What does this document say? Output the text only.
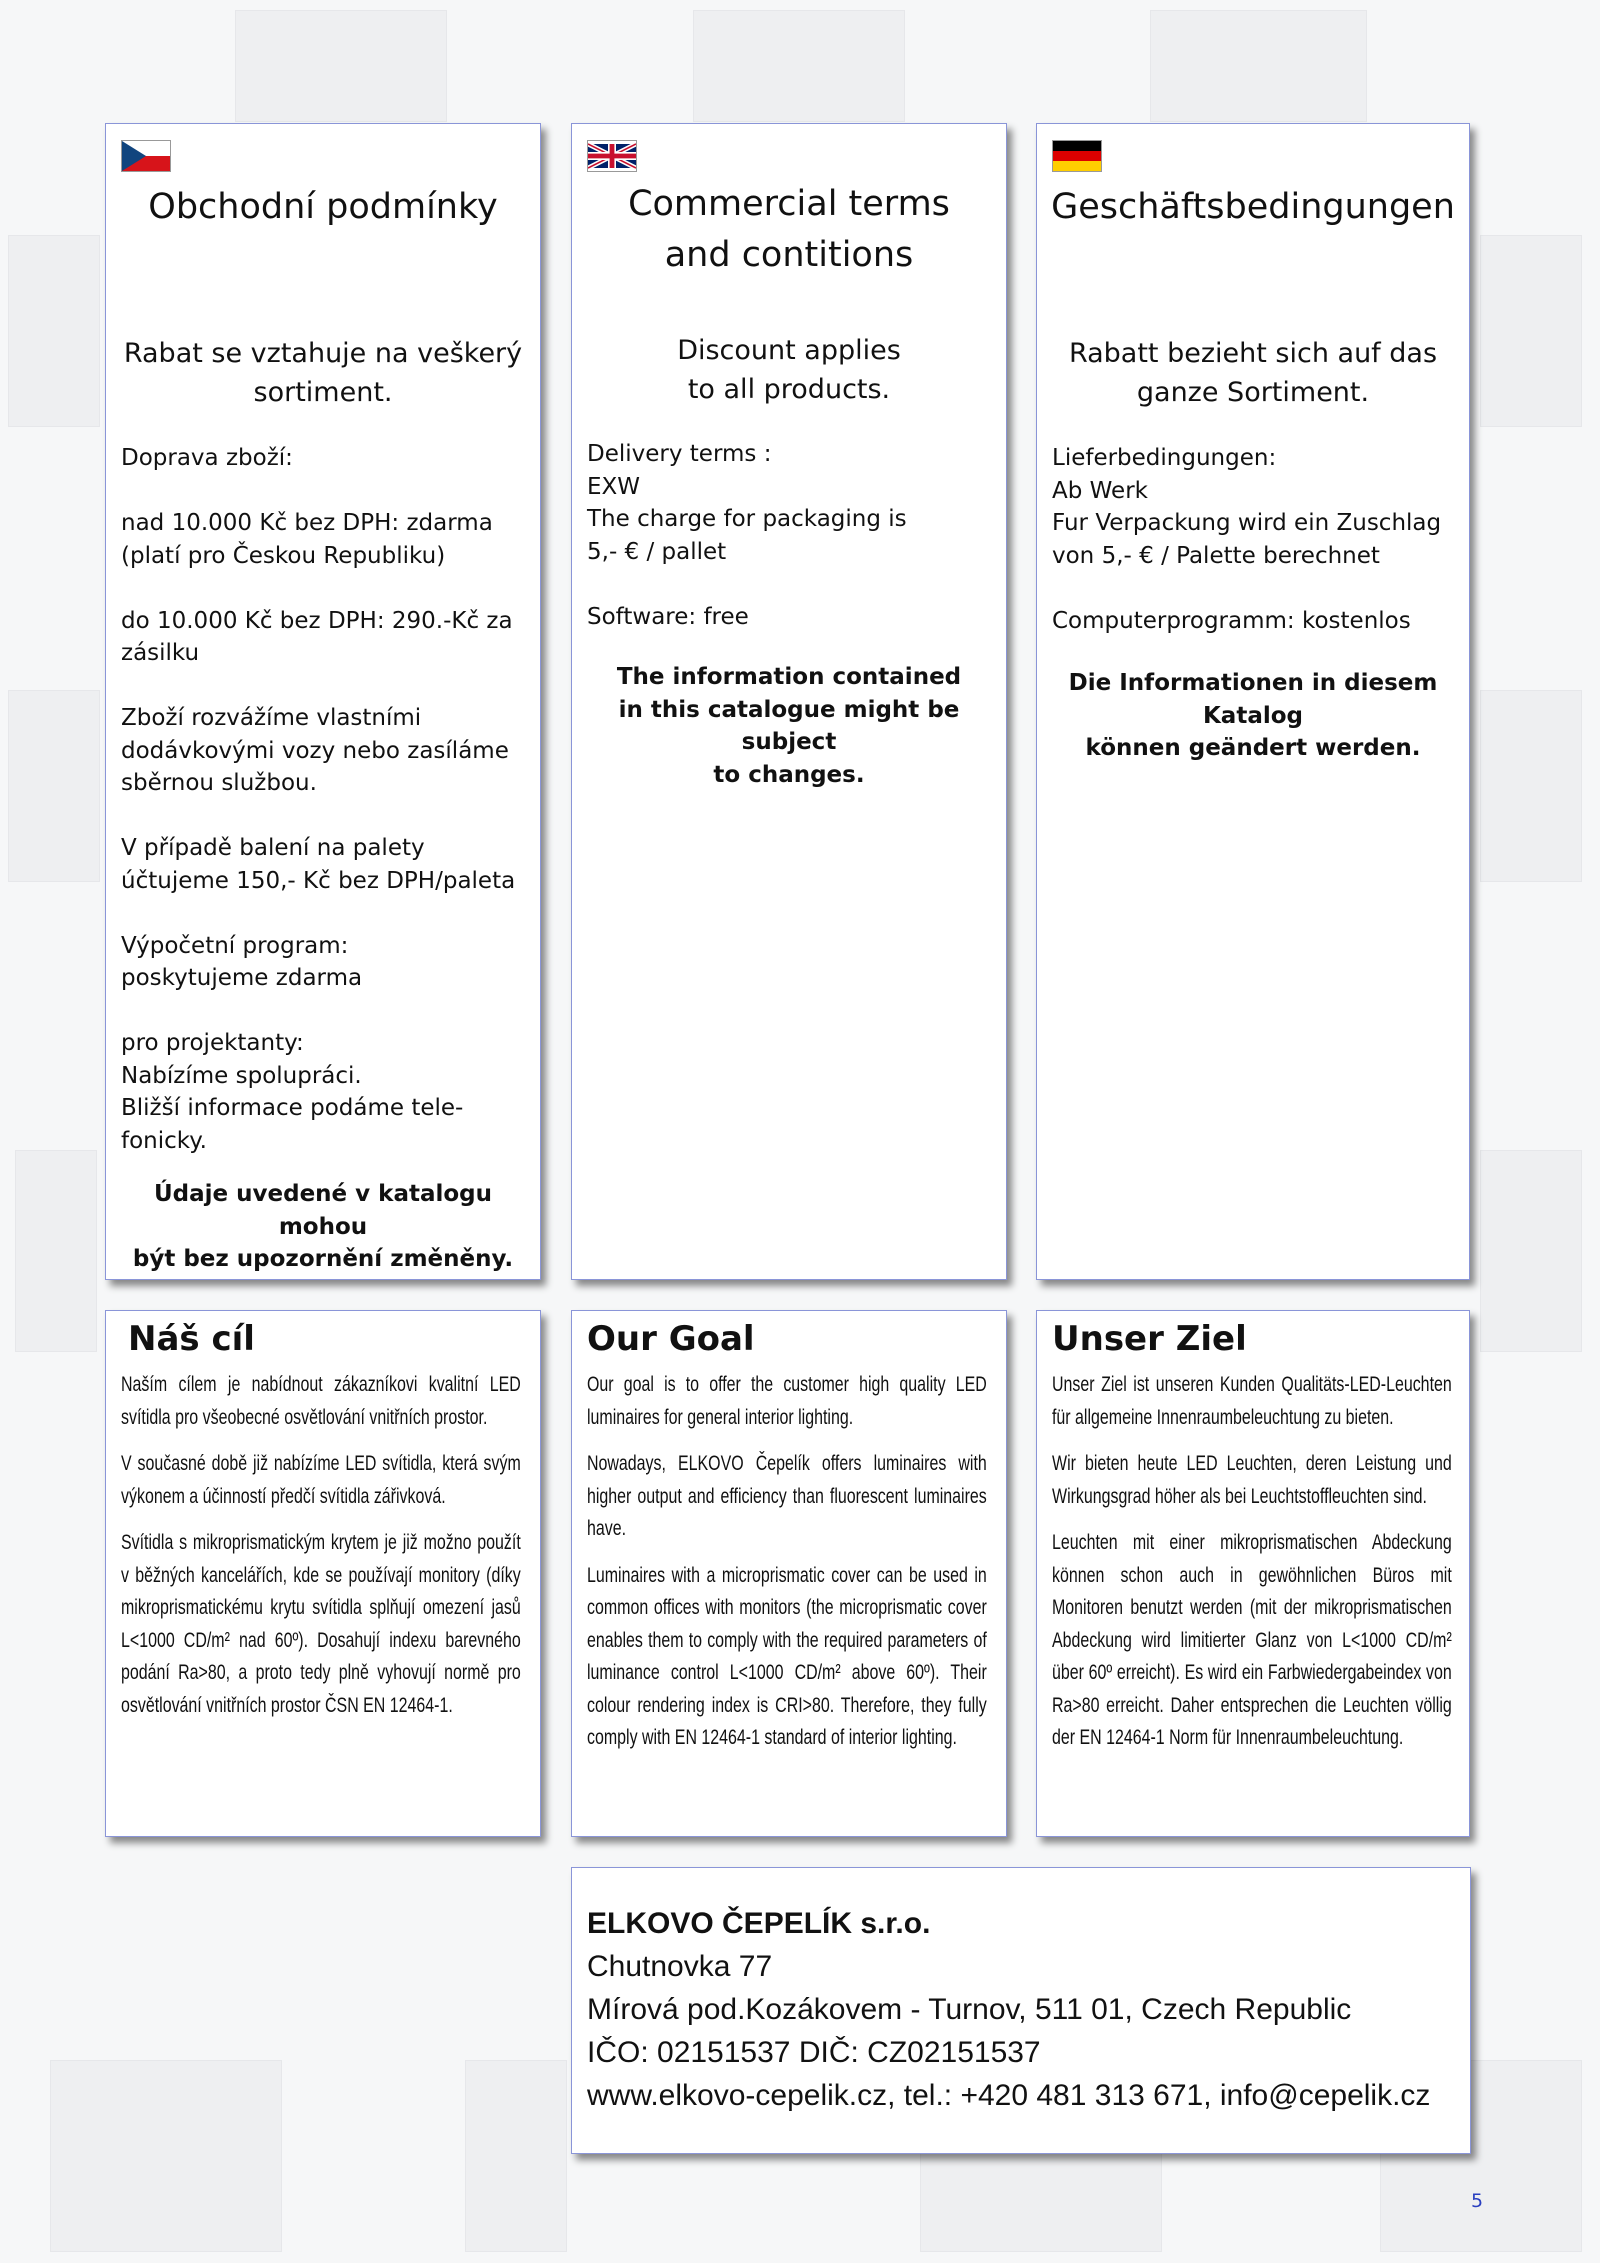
Obchodní podmínky
Rabat se vztahuje na veškerý
sortiment.
Doprava zboží:

nad 10.000 Kč bez DPH: zdarma
(platí pro Českou Republiku)

do 10.000 Kč bez DPH: 290.-Kč za
zásilku

Zboží rozvážíme vlastními
dodávkovými vozy nebo zasíláme
sběrnou službou.

V případě balení na palety
účtujeme 150,- Kč bez DPH/paleta

Výpočetní program:
poskytujeme zdarma

pro projektanty:
Nabízíme spolupráci.
Bližší informace podáme tele-
fonicky.
Údaje uvedené v katalogu mohou
být bez upozornění změněny.
Commercial terms
and contitions
Discount applies
to all products.
Delivery terms :
EXW
The charge for packaging is
5,- € / pallet

Software: free
The information contained
in this catalogue might be subject
to changes.
Geschäftsbedingungen
Rabatt bezieht sich auf das
ganze Sortiment.
Lieferbedingungen:
Ab Werk
Fur Verpackung wird ein Zuschlag
von 5,- € / Palette berechnet

Computerprogramm: kostenlos
Die Informationen in diesem
Katalog
können geändert werden.
Náš cíl

Naším cílem je nabídnout zákazníkovi kvalitní LED svítidla pro všeobecné osvětlování vnitřních prostor.

V současné době již nabízíme LED svítidla, která svým výkonem a účinností předčí svítidla zářivková.

Svítidla s mikroprismatickým krytem je již možno použít v běžných kancelářích, kde se používají monitory (díky mikroprismatickému krytu svítidla splňují omezení jasů L<1000 CD/m² nad 60º). Dosahují indexu barevného podání Ra>80, a proto tedy plně vyhovují normě pro osvětlování vnitřních prostor ČSN EN 12464-1.

Our Goal

Our goal is to offer the customer high quality LED luminaires for general interior lighting.

Nowadays, ELKOVO Čepelík offers luminaires with higher output and efficiency than fluorescent luminaires have.

Luminaires with a microprismatic cover can be used in common offices with monitors (the microprismatic cover enables them to comply with the required parameters of luminance control L<1000 CD/m² above 60º). Their colour rendering index is CRI>80. Therefore, they fully comply with EN 12464-1 standard of interior lighting.

Unser Ziel

Unser Ziel ist unseren Kunden Qualitäts-LED-Leuchten für allgemeine Innenraumbeleuchtung zu bieten.

Wir bieten heute LED Leuchten, deren Leistung und Wirkungsgrad höher als bei Leuchtstoffleuchten sind.

Leuchten mit einer mikroprismatischen Abdeckung können schon auch in gewöhnlichen Büros mit Monitoren benutzt werden (mit der mikroprismatischen Abdeckung wird limitierter Glanz von L<1000 CD/m² über 60º erreicht). Es wird ein Farbwiedergabeindex von Ra>80 erreicht. Daher entsprechen die Leuchten völlig der EN 12464-1 Norm für Innenraumbeleuchtung.

ELKOVO ČEPELÍK s.r.o.
Chutnovka 77
Mírová pod.Kozákovem - Turnov, 511 01, Czech Republic
IČO: 02151537 DIČ: CZ02151537
www.elkovo-cepelik.cz, tel.: +420 481 313 671, info@cepelik.cz
5
